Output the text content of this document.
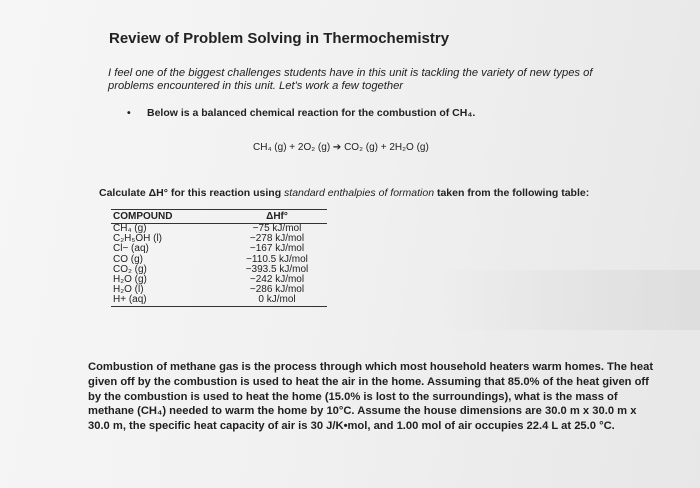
Review of Problem Solving in Thermochemistry
I feel one of the biggest challenges students have in this unit is tackling the variety of new types of problems encountered in this unit. Let's work a few together
• Below is a balanced chemical reaction for the combustion of CH₄.
CH₄ (g) + 2O₂ (g) ➔ CO₂ (g) + 2H₂O (g)
Calculate ΔH° for this reaction using standard enthalpies of formation taken from the following table:
COMPOUND	ΔHf°
CH₄ (g)	−75 kJ/mol
C₂H₅OH (l)	−278 kJ/mol
Cl− (aq)	−167 kJ/mol
CO (g)	−110.5 kJ/mol
CO₂ (g)	−393.5 kJ/mol
H₂O (g)	−242 kJ/mol
H₂O (l)	−286 kJ/mol
H+ (aq)	0 kJ/mol
Combustion of methane gas is the process through which most household heaters warm homes. The heat given off by the combustion is used to heat the air in the home. Assuming that 85.0% of the heat given off by the combustion is used to heat the home (15.0% is lost to the surroundings), what is the mass of methane (CH₄) needed to warm the home by 10°C. Assume the house dimensions are 30.0 m x 30.0 m x 30.0 m, the specific heat capacity of air is 30 J/K•mol, and 1.00 mol of air occupies 22.4 L at 25.0 °C.
